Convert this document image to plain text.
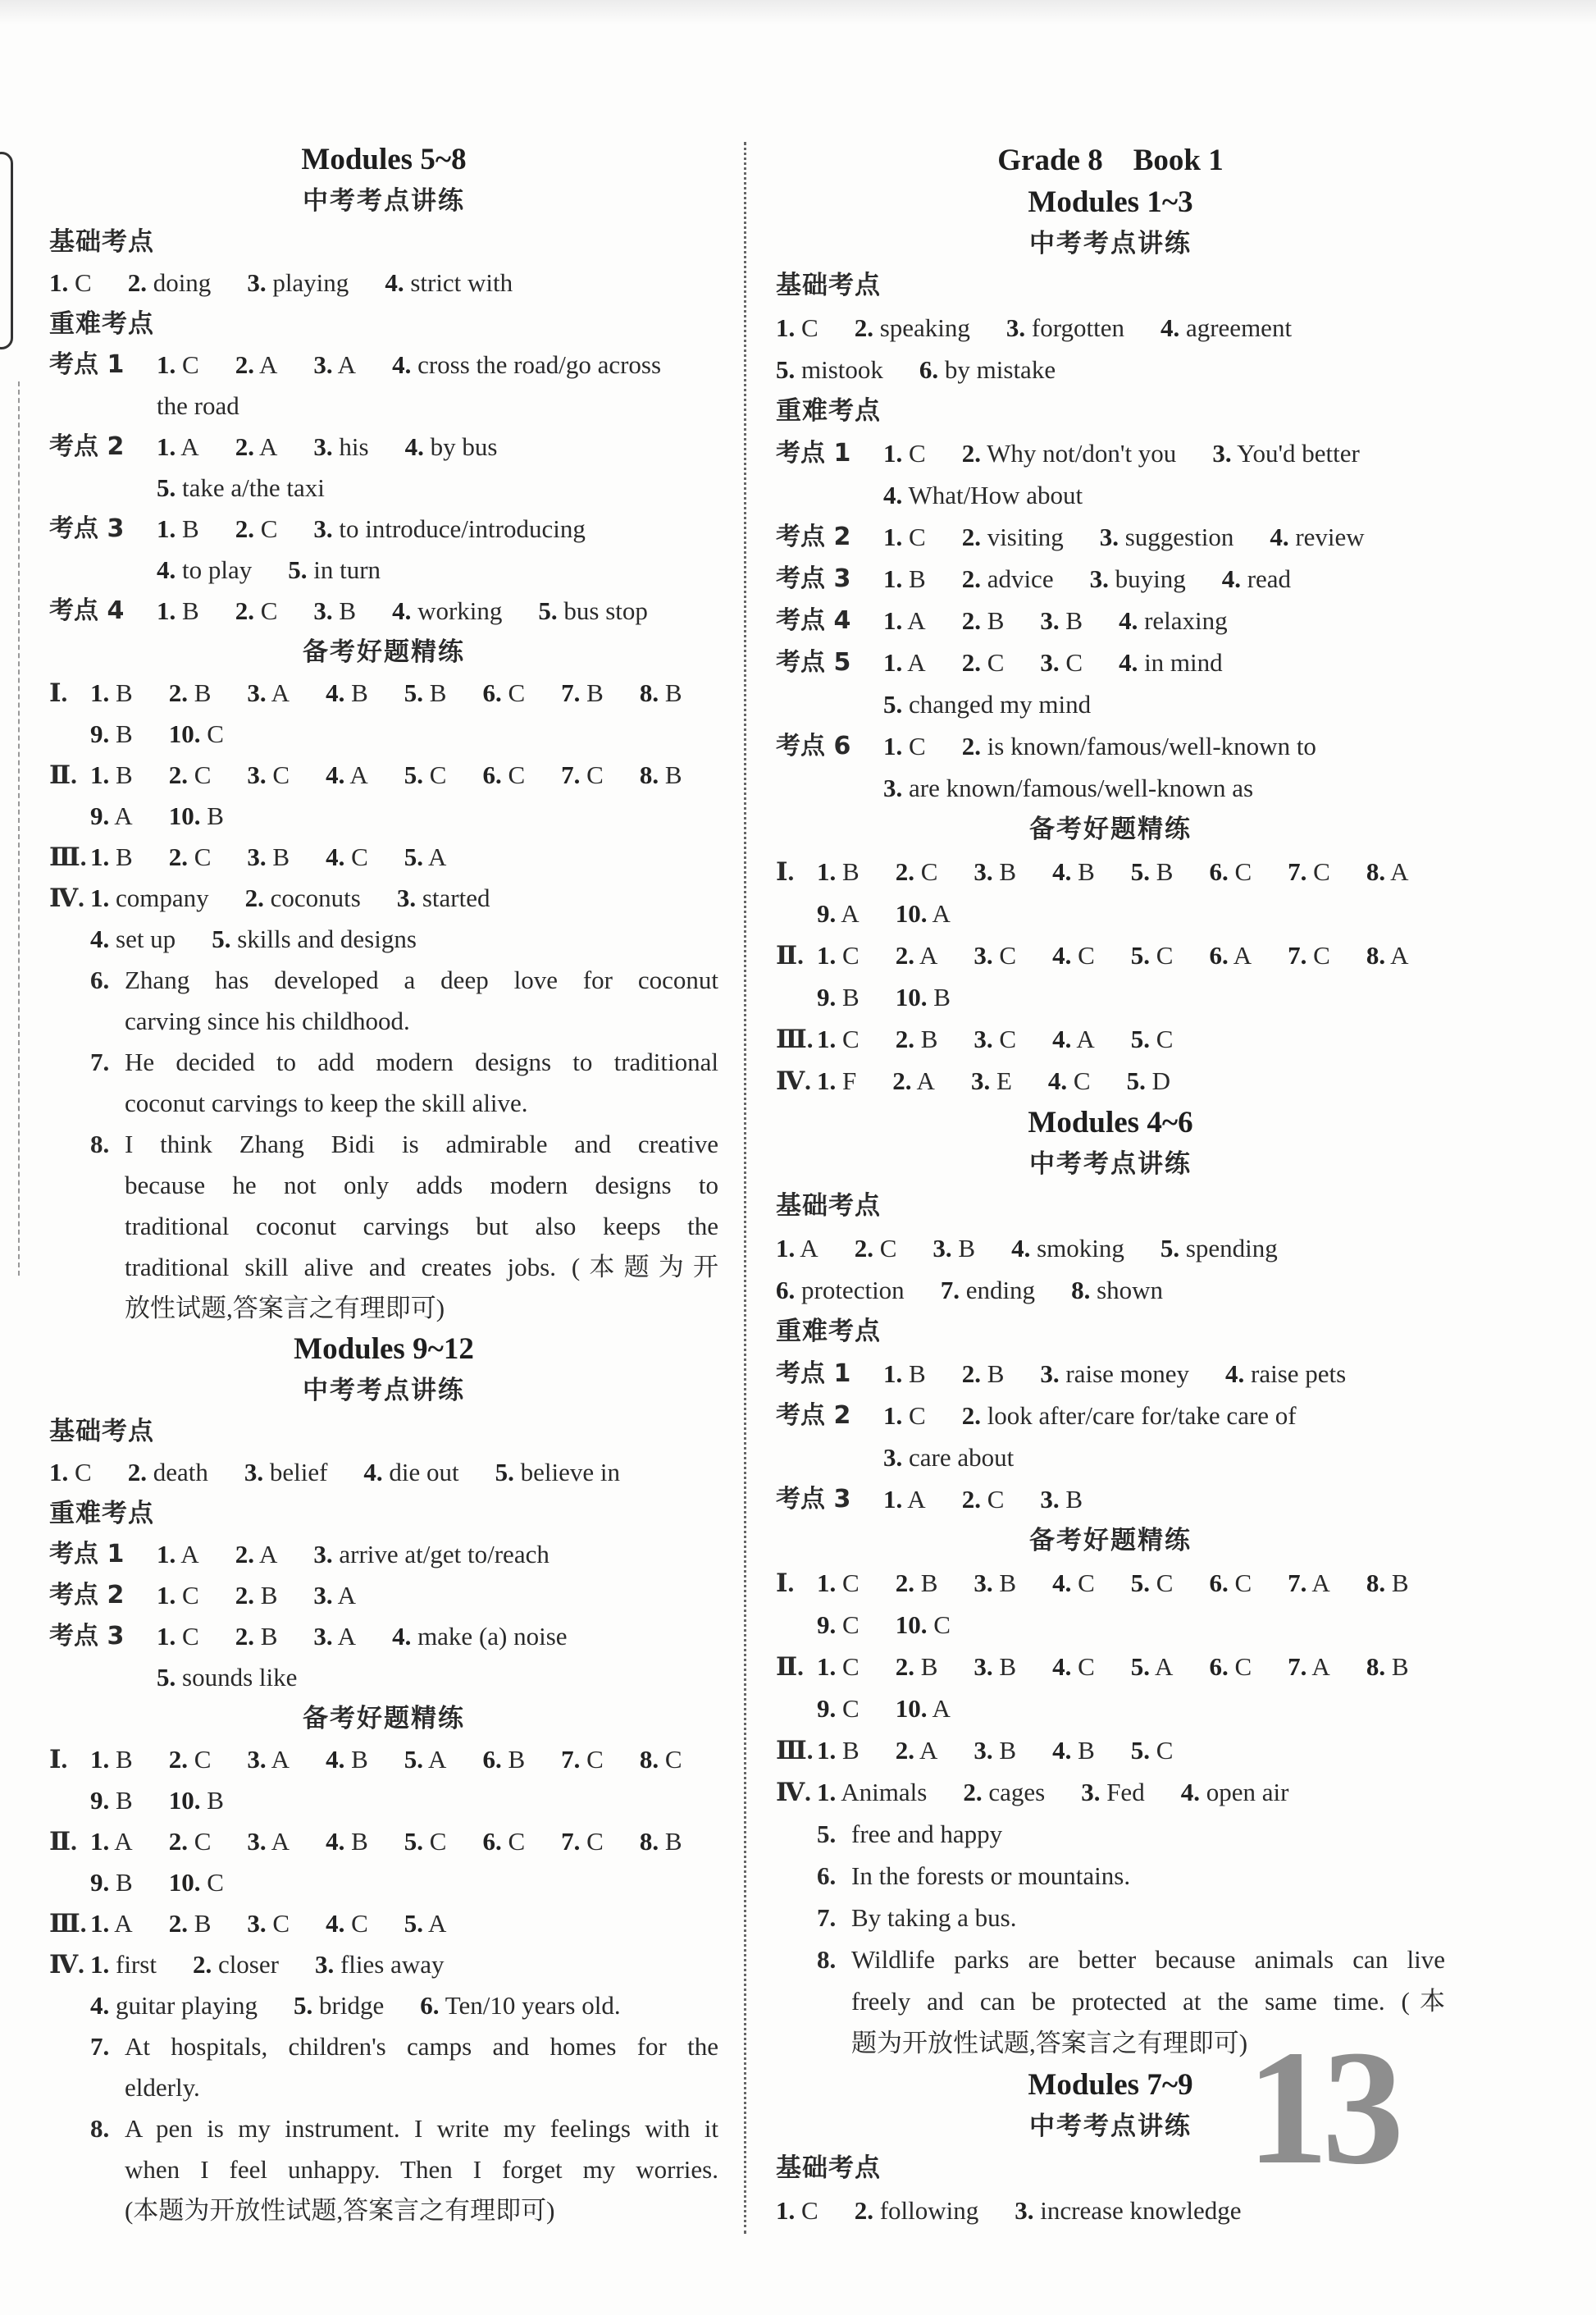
Modules 5~8
中考考点讲练
基础考点
1. C 2. doing 3. playing 4. strict with
重难考点
考点 1	1. C 2. A 3. A 4. cross the road/go across
the road
考点 2	1. A 2. A 3. his 4. by bus
5. take a/the taxi
考点 3	1. B 2. C 3. to introduce/introducing
4. to play 5. in turn
考点 4	1. B 2. C 3. B 4. working 5. bus stop
备考好题精练
Ⅰ. 1. B 2. B 3. A 4. B 5. B 6. C 7. B 8. B
9. B 10. C
Ⅱ. 1. B 2. C 3. C 4. A 5. C 6. C 7. C 8. B
9. A 10. B
Ⅲ. 1. B 2. C 3. B 4. C 5. A
Ⅳ. 1. company 2. coconuts 3. started
4. set up 5. skills and designs
6. Zhang has developed a deep love for coconut
carving since his childhood.
7. He decided to add modern designs to traditional
coconut carvings to keep the skill alive.
8. I think Zhang Bidi is admirable and creative
because he not only adds modern designs to
traditional coconut carvings but also keeps the
traditional skill alive and creates jobs. (本题为开
放性试题,答案言之有理即可)
Modules 9~12
中考考点讲练
基础考点
1. C 2. death 3. belief 4. die out 5. believe in
重难考点
考点 1	1. A 2. A 3. arrive at/get to/reach
考点 2	1. C 2. B 3. A
考点 3	1. C 2. B 3. A 4. make (a) noise
5. sounds like
备考好题精练
Ⅰ. 1. B 2. C 3. A 4. B 5. A 6. B 7. C 8. C
9. B 10. B
Ⅱ. 1. A 2. C 3. A 4. B 5. C 6. C 7. C 8. B
9. B 10. C
Ⅲ. 1. A 2. B 3. C 4. C 5. A
Ⅳ. 1. first 2. closer 3. flies away
4. guitar playing 5. bridge 6. Ten/10 years old.
7. At hospitals, children's camps and homes for the
elderly.
8. A pen is my instrument. I write my feelings with it
when I feel unhappy. Then I forget my worries.
(本题为开放性试题,答案言之有理即可)
Grade 8    Book 1
Modules 1~3
中考考点讲练
基础考点
1. C 2. speaking 3. forgotten 4. agreement
5. mistook 6. by mistake
重难考点
考点 1	1. C 2. Why not/don't you 3. You'd better
4. What/How about
考点 2	1. C 2. visiting 3. suggestion 4. review
考点 3	1. B 2. advice 3. buying 4. read
考点 4	1. A 2. B 3. B 4. relaxing
考点 5	1. A 2. C 3. C 4. in mind
5. changed my mind
考点 6	1. C 2. is known/famous/well-known to
3. are known/famous/well-known as
备考好题精练
Ⅰ. 1. B 2. C 3. B 4. B 5. B 6. C 7. C 8. A
9. A 10. A
Ⅱ. 1. C 2. A 3. C 4. C 5. C 6. A 7. C 8. A
9. B 10. B
Ⅲ. 1. C 2. B 3. C 4. A 5. C
Ⅳ. 1. F 2. A 3. E 4. C 5. D
Modules 4~6
中考考点讲练
基础考点
1. A 2. C 3. B 4. smoking 5. spending
6. protection 7. ending 8. shown
重难考点
考点 1	1. B 2. B 3. raise money 4. raise pets
考点 2	1. C 2. look after/care for/take care of
3. care about
考点 3	1. A 2. C 3. B
备考好题精练
Ⅰ. 1. C 2. B 3. B 4. C 5. C 6. C 7. A 8. B
9. C 10. C
Ⅱ. 1. C 2. B 3. B 4. C 5. A 6. C 7. A 8. B
9. C 10. A
Ⅲ. 1. B 2. A 3. B 4. B 5. C
Ⅳ. 1. Animals 2. cages 3. Fed 4. open air
5. free and happy
6. In the forests or mountains.
7. By taking a bus.
8. Wildlife parks are better because animals can live
freely and can be protected at the same time. (本
题为开放性试题,答案言之有理即可)
Modules 7~9
中考考点讲练
基础考点
1. C 2. following 3. increase knowledge
13
